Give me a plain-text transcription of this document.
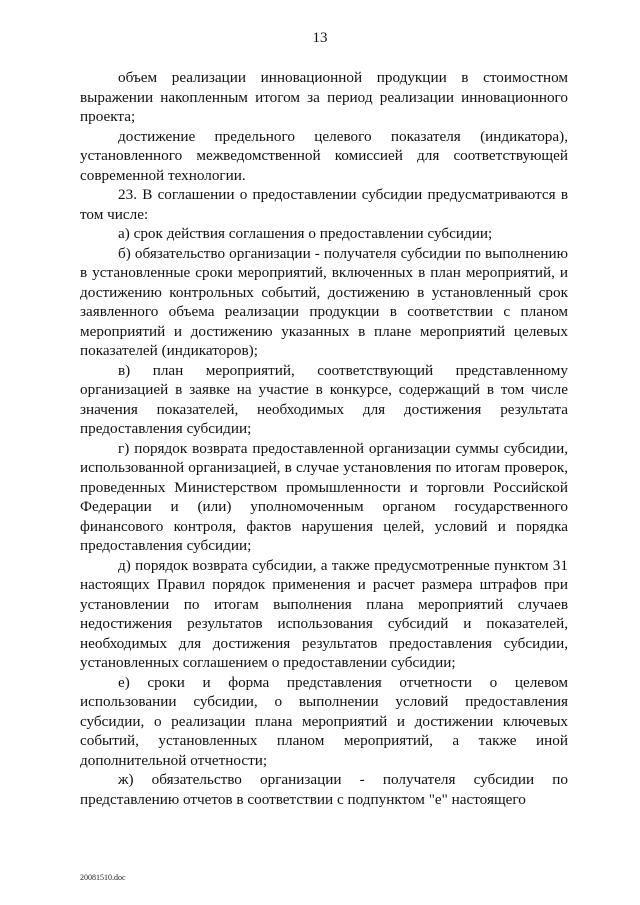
13

объем реализации инновационной продукции в стоимостном выражении накопленным итогом за период реализации инновационного проекта;

достижение предельного целевого показателя (индикатора), установленного межведомственной комиссией для соответствующей современной технологии.

23. В соглашении о предоставлении субсидии предусматриваются в том числе:

а) срок действия соглашения о предоставлении субсидии;

б) обязательство организации - получателя субсидии по выполнению в установленные сроки мероприятий, включенных в план мероприятий, и достижению контрольных событий, достижению в установленный срок заявленного объема реализации продукции в соответствии с планом мероприятий и достижению указанных в плане мероприятий целевых показателей (индикаторов);

в) план мероприятий, соответствующий представленному организацией в заявке на участие в конкурсе, содержащий в том числе значения показателей, необходимых для достижения результата предоставления субсидии;

г) порядок возврата предоставленной организации суммы субсидии, использованной организацией, в случае установления по итогам проверок, проведенных Министерством промышленности и торговли Российской Федерации и (или) уполномоченным органом государственного финансового контроля, фактов нарушения целей, условий и порядка предоставления субсидии;

д) порядок возврата субсидии, а также предусмотренные пунктом 31 настоящих Правил порядок применения и расчет размера штрафов при установлении по итогам выполнения плана мероприятий случаев недостижения результатов использования субсидий и показателей, необходимых для достижения результатов предоставления субсидии, установленных соглашением о предоставлении субсидии;

е) сроки и форма представления отчетности о целевом использовании субсидии, о выполнении условий предоставления субсидии, о реализации плана мероприятий и достижении ключевых событий, установленных планом мероприятий, а также иной дополнительной отчетности;

ж) обязательство организации - получателя субсидии по представлению отчетов в соответствии с подпунктом "е" настоящего

20081510.doc
